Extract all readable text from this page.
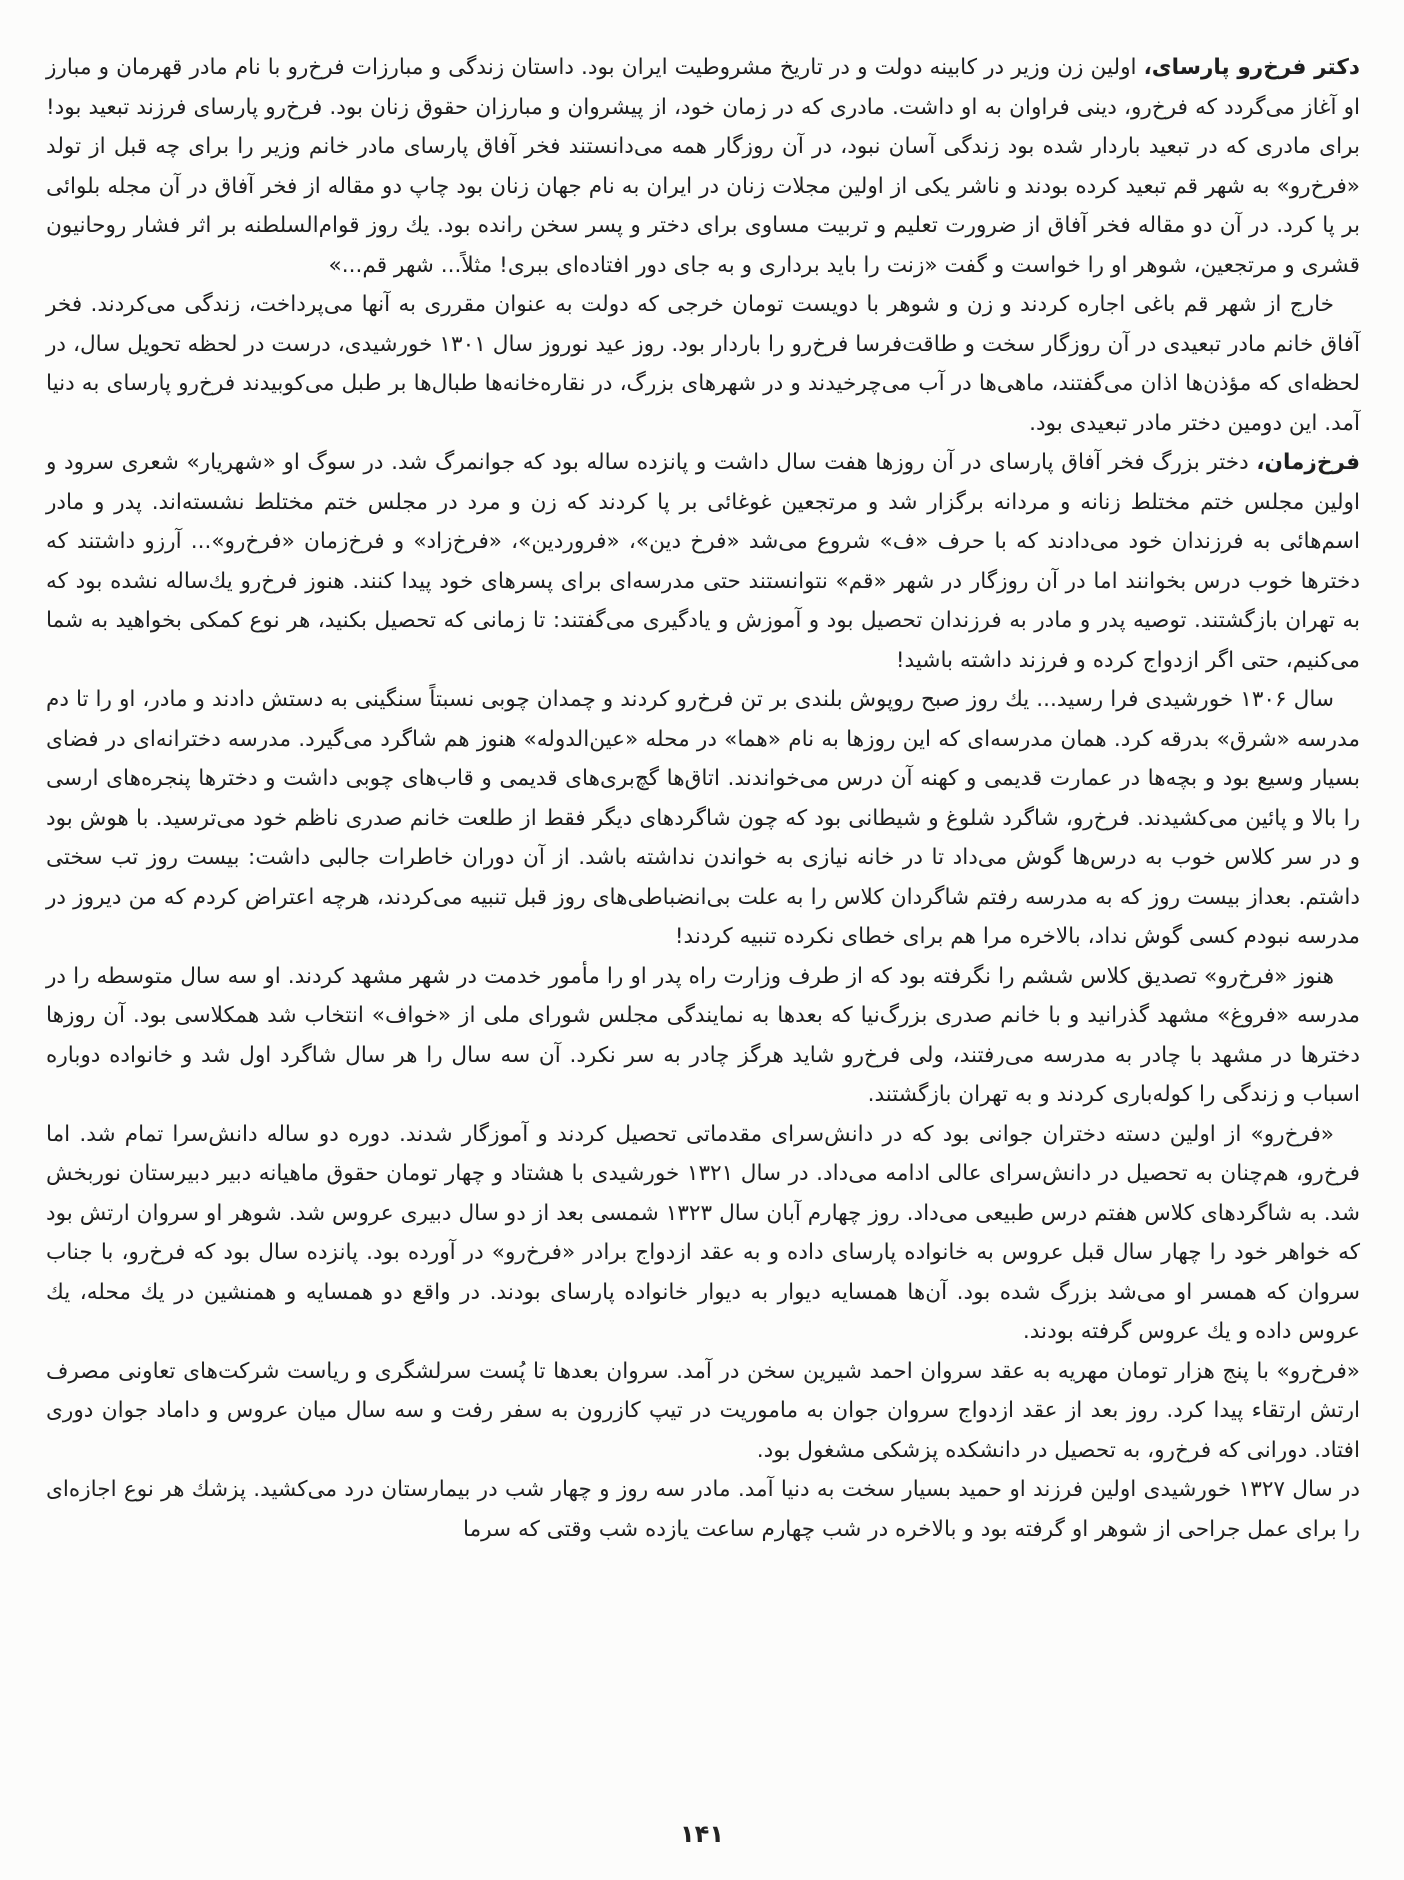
دکتر فرخ‌رو پارسای، اولین زن وزیر در کابینه دولت و در تاریخ مشروطیت ایران بود. داستان زندگی و مبارزات فرخ‌رو با نام مادر قهرمان و مبارز او آغاز می‌گردد که فرخ‌رو، دینی فراوان به او داشت. مادری که در زمان خود، از پیشروان و مبارزان حقوق زنان بود. فرخ‌رو پارسای فرزند تبعید بود! برای مادری که در تبعید باردار شده بود زندگی آسان نبود، در آن روزگار همه می‌دانستند فخر آفاق پارسای مادر خانم وزیر را برای چه قبل از تولد «فرخ‌رو» به شهر قم تبعید کرده بودند و ناشر یکی از اولین مجلات زنان در ایران به نام جهان زنان بود چاپ دو مقاله از فخر آفاق در آن مجله بلوائی بر پا کرد. در آن دو مقاله فخر آفاق از ضرورت تعلیم و تربیت مساوی برای دختر و پسر سخن رانده بود. یك روز قوام‌السلطنه بر اثر فشار روحانیون قشری و مرتجعین، شوهر او را خواست و گفت «زنت را باید برداری و به جای دور افتاده‌ای ببری! مثلاً... شهر قم...»

خارج از شهر قم باغی اجاره کردند و زن و شوهر با دویست تومان خرجی که دولت به عنوان مقرری به آنها می‌پرداخت، زندگی می‌کردند. فخر آفاق خانم مادر تبعیدی در آن روزگار سخت و طاقت‌فرسا فرخ‌رو را باردار بود. روز عید نوروز سال ۱۳۰۱ خورشیدی، درست در لحظه تحویل سال، در لحظه‌ای که مؤذن‌ها اذان می‌گفتند، ماهی‌ها در آب می‌چرخیدند و در شهرهای بزرگ، در نقاره‌خانه‌ها طبال‌ها بر طبل می‌کوبیدند فرخ‌رو پارسای به دنیا آمد. این دومین دختر مادر تبعیدی بود.

فرخ‌زمان، دختر بزرگ فخر آفاق پارسای در آن روزها هفت سال داشت و پانزده ساله بود که جوانمرگ شد. در سوگ او «شهریار» شعری سرود و اولین مجلس ختم مختلط زنانه و مردانه برگزار شد و مرتجعین غوغائی بر پا کردند که زن و مرد در مجلس ختم مختلط نشسته‌اند. پدر و مادر اسم‌هائی به فرزندان خود می‌دادند که با حرف «ف» شروع می‌شد «فرخ دین»، «فروردین»، «فرخ‌زاد» و فرخ‌زمان «فرخ‌رو»... آرزو داشتند که دخترها خوب درس بخوانند اما در آن روزگار در شهر «قم» نتوانستند حتی مدرسه‌ای برای پسرهای خود پیدا کنند. هنوز فرخ‌رو یك‌ساله نشده بود که به تهران بازگشتند. توصیه پدر و مادر به فرزندان تحصیل بود و آموزش و یادگیری می‌گفتند: تا زمانی که تحصیل بکنید، هر نوع کمکی بخواهید به شما می‌کنیم، حتی اگر ازدواج کرده و فرزند داشته باشید!

سال ۱۳۰۶ خورشیدی فرا رسید... یك روز صبح روپوش بلندی بر تن فرخ‌رو کردند و چمدان چوبی نسبتاً سنگینی به دستش دادند و مادر، او را تا دم مدرسه «شرق» بدرقه کرد. همان مدرسه‌ای که این روزها به نام «هما» در محله «عین‌الدوله» هنوز هم شاگرد می‌گیرد. مدرسه دخترانه‌ای در فضای بسیار وسیع بود و بچه‌ها در عمارت قدیمی و کهنه آن درس می‌خواندند. اتاق‌ها گچ‌بری‌های قدیمی و قاب‌های چوبی داشت و دخترها پنجره‌های ارسی را بالا و پائین می‌کشیدند. فرخ‌رو، شاگرد شلوغ و شیطانی بود که چون شاگردهای دیگر فقط از طلعت خانم صدری ناظم خود می‌ترسید. با هوش بود و در سر کلاس خوب به درس‌ها گوش می‌داد تا در خانه نیازی به خواندن نداشته باشد. از آن دوران خاطرات جالبی داشت: بیست روز تب سختی داشتم. بعداز بیست روز که به مدرسه رفتم شاگردان کلاس را به علت بی‌انضباطی‌های روز قبل تنبیه می‌کردند، هرچه اعتراض کردم که من دیروز در مدرسه نبودم کسی گوش نداد، بالاخره مرا هم برای خطای نکرده تنبیه کردند!

هنوز «فرخ‌رو» تصدیق کلاس ششم را نگرفته بود که از طرف وزارت راه پدر او را مأمور خدمت در شهر مشهد کردند. او سه سال متوسطه را در مدرسه «فروغ» مشهد گذرانید و با خانم صدری بزرگ‌نیا که بعدها به نمایندگی مجلس شورای ملی از «خواف» انتخاب شد همکلاسی بود. آن روزها دخترها در مشهد با چادر به مدرسه می‌رفتند، ولی فرخ‌رو شاید هرگز چادر به سر نکرد. آن سه سال را هر سال شاگرد اول شد و خانواده دوباره اسباب و زندگی را کوله‌باری کردند و به تهران بازگشتند.

«فرخ‌رو» از اولین دسته دختران جوانی بود که در دانش‌سرای مقدماتی تحصیل کردند و آموزگار شدند. دوره دو ساله دانش‌سرا تمام شد. اما فرخ‌رو، هم‌چنان به تحصیل در دانش‌سرای عالی ادامه می‌داد. در سال ۱۳۲۱ خورشیدی با هشتاد و چهار تومان حقوق ماهیانه دبیر دبیرستان نوربخش شد. به شاگردهای کلاس هفتم درس طبیعی می‌داد. روز چهارم آبان سال ۱۳۲۳ شمسی بعد از دو سال دبیری عروس شد. شوهر او سروان ارتش بود که خواهر خود را چهار سال قبل عروس به خانواده پارسای داده و به عقد ازدواج برادر «فرخ‌رو» در آورده بود. پانزده سال بود که فرخ‌رو، با جناب سروان که همسر او می‌شد بزرگ شده بود. آن‌ها همسایه دیوار به دیوار خانواده پارسای بودند. در واقع دو همسایه و همنشین در یك محله، یك عروس داده و یك عروس گرفته بودند.

«فرخ‌رو» با پنج هزار تومان مهریه به عقد سروان احمد شیرین سخن در آمد. سروان بعدها تا پُست سرلشگری و ریاست شرکت‌های تعاونی مصرف ارتش ارتقاء پیدا کرد. روز بعد از عقد ازدواج سروان جوان به ماموریت در تیپ کازرون به سفر رفت و سه سال میان عروس و داماد جوان دوری افتاد. دورانی که فرخ‌رو، به تحصیل در دانشکده پزشکی مشغول بود.

در سال ۱۳۲۷ خورشیدی اولین فرزند او حمید بسیار سخت به دنیا آمد. مادر سه روز و چهار شب در بیمارستان درد می‌کشید. پزشك هر نوع اجازه‌ای را برای عمل جراحی از شوهر او گرفته بود و بالاخره در شب چهارم ساعت یازده شب وقتی که سرما

۱۴۱
